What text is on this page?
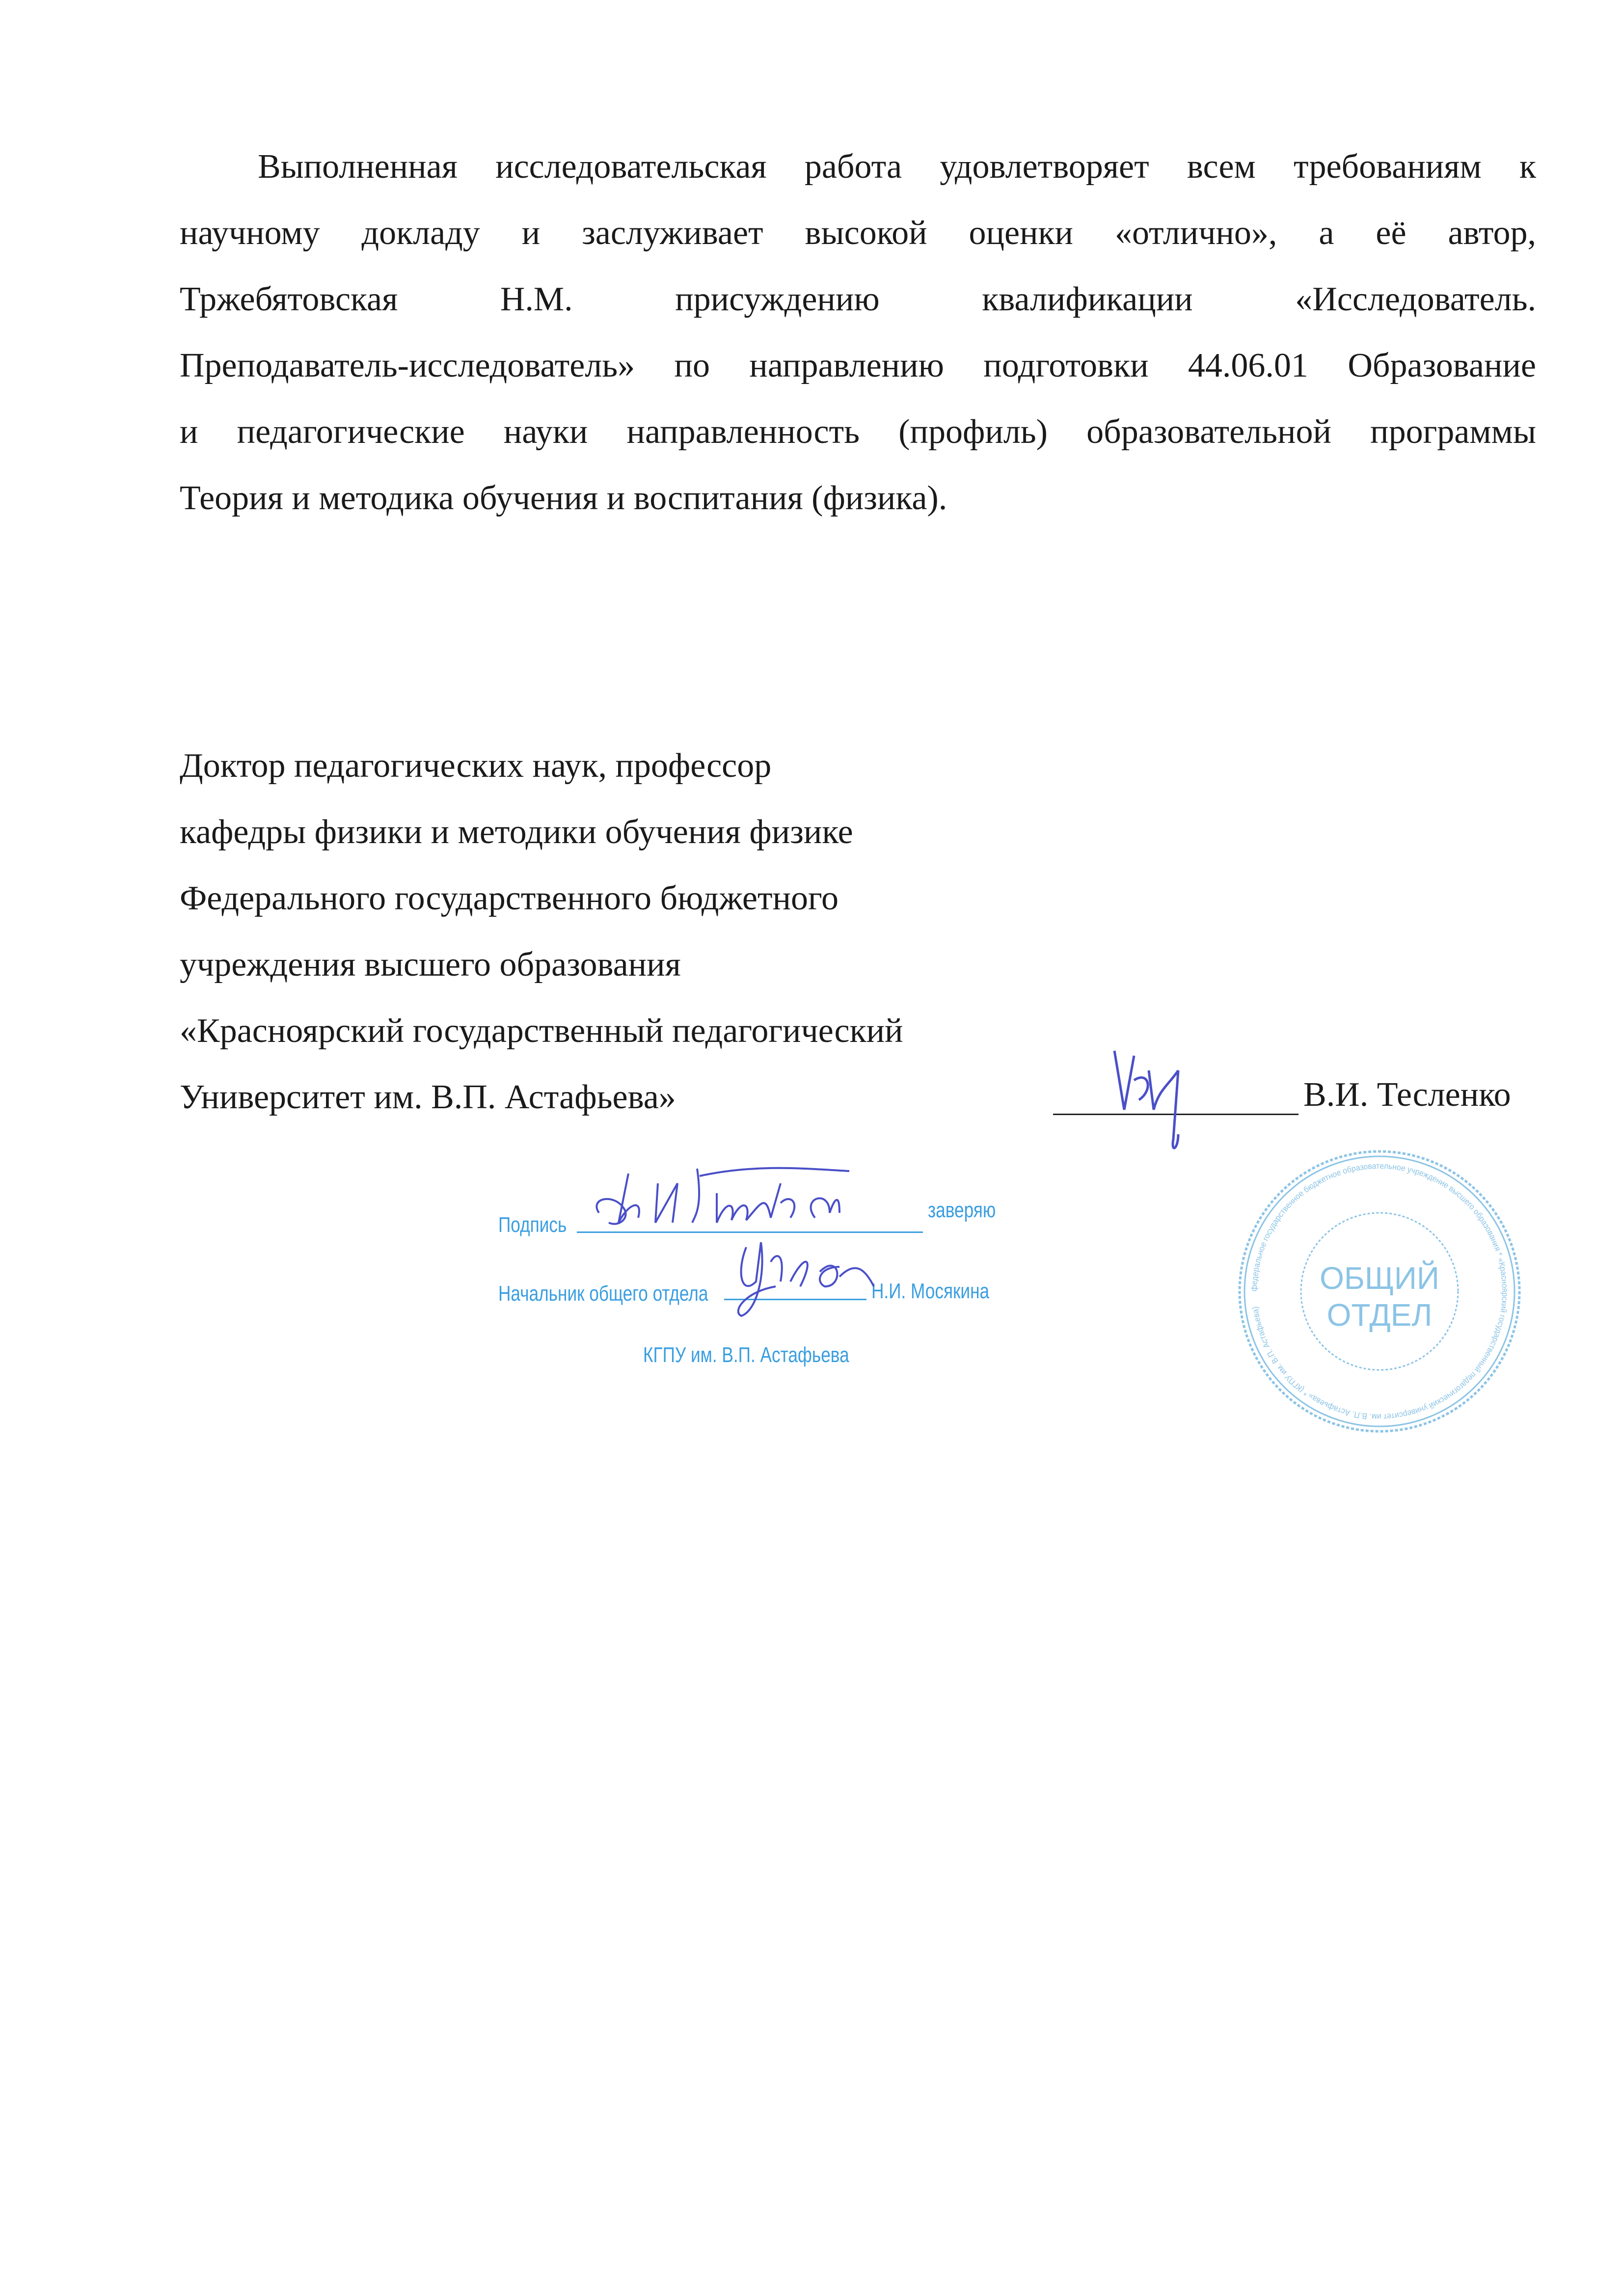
Выполненная исследовательская работа удовлетворяет всем требованиям к
научному докладу и заслуживает высокой оценки «отлично», а её автор,
Тржебятовская Н.М. присуждению квалификации «Исследователь.
Преподаватель-исследователь» по направлению подготовки 44.06.01 Образование
и педагогические науки направленность (профиль) образовательной программы
Теория и методика обучения и воспитания (физика).
Доктор педагогических наук, профессор
кафедры физики и методики обучения физике
Федерального государственного бюджетного
учреждения высшего образования
«Красноярский государственный педагогический
Университет им. В.П. Астафьева»	В.И. Тесленко
федеральное государственное бюджетное образовательное учреждение высшего образования * «Красноярский государственный педагогический университет им. В.П. Астафьева» * (КГПУ им. В.П. Астафьева)
ОБЩИЙ
ОТДЕЛ
Подпись
заверяю
Начальник общего отдела	Н.И. Мосякина
КГПУ им. В.П. Астафьева
